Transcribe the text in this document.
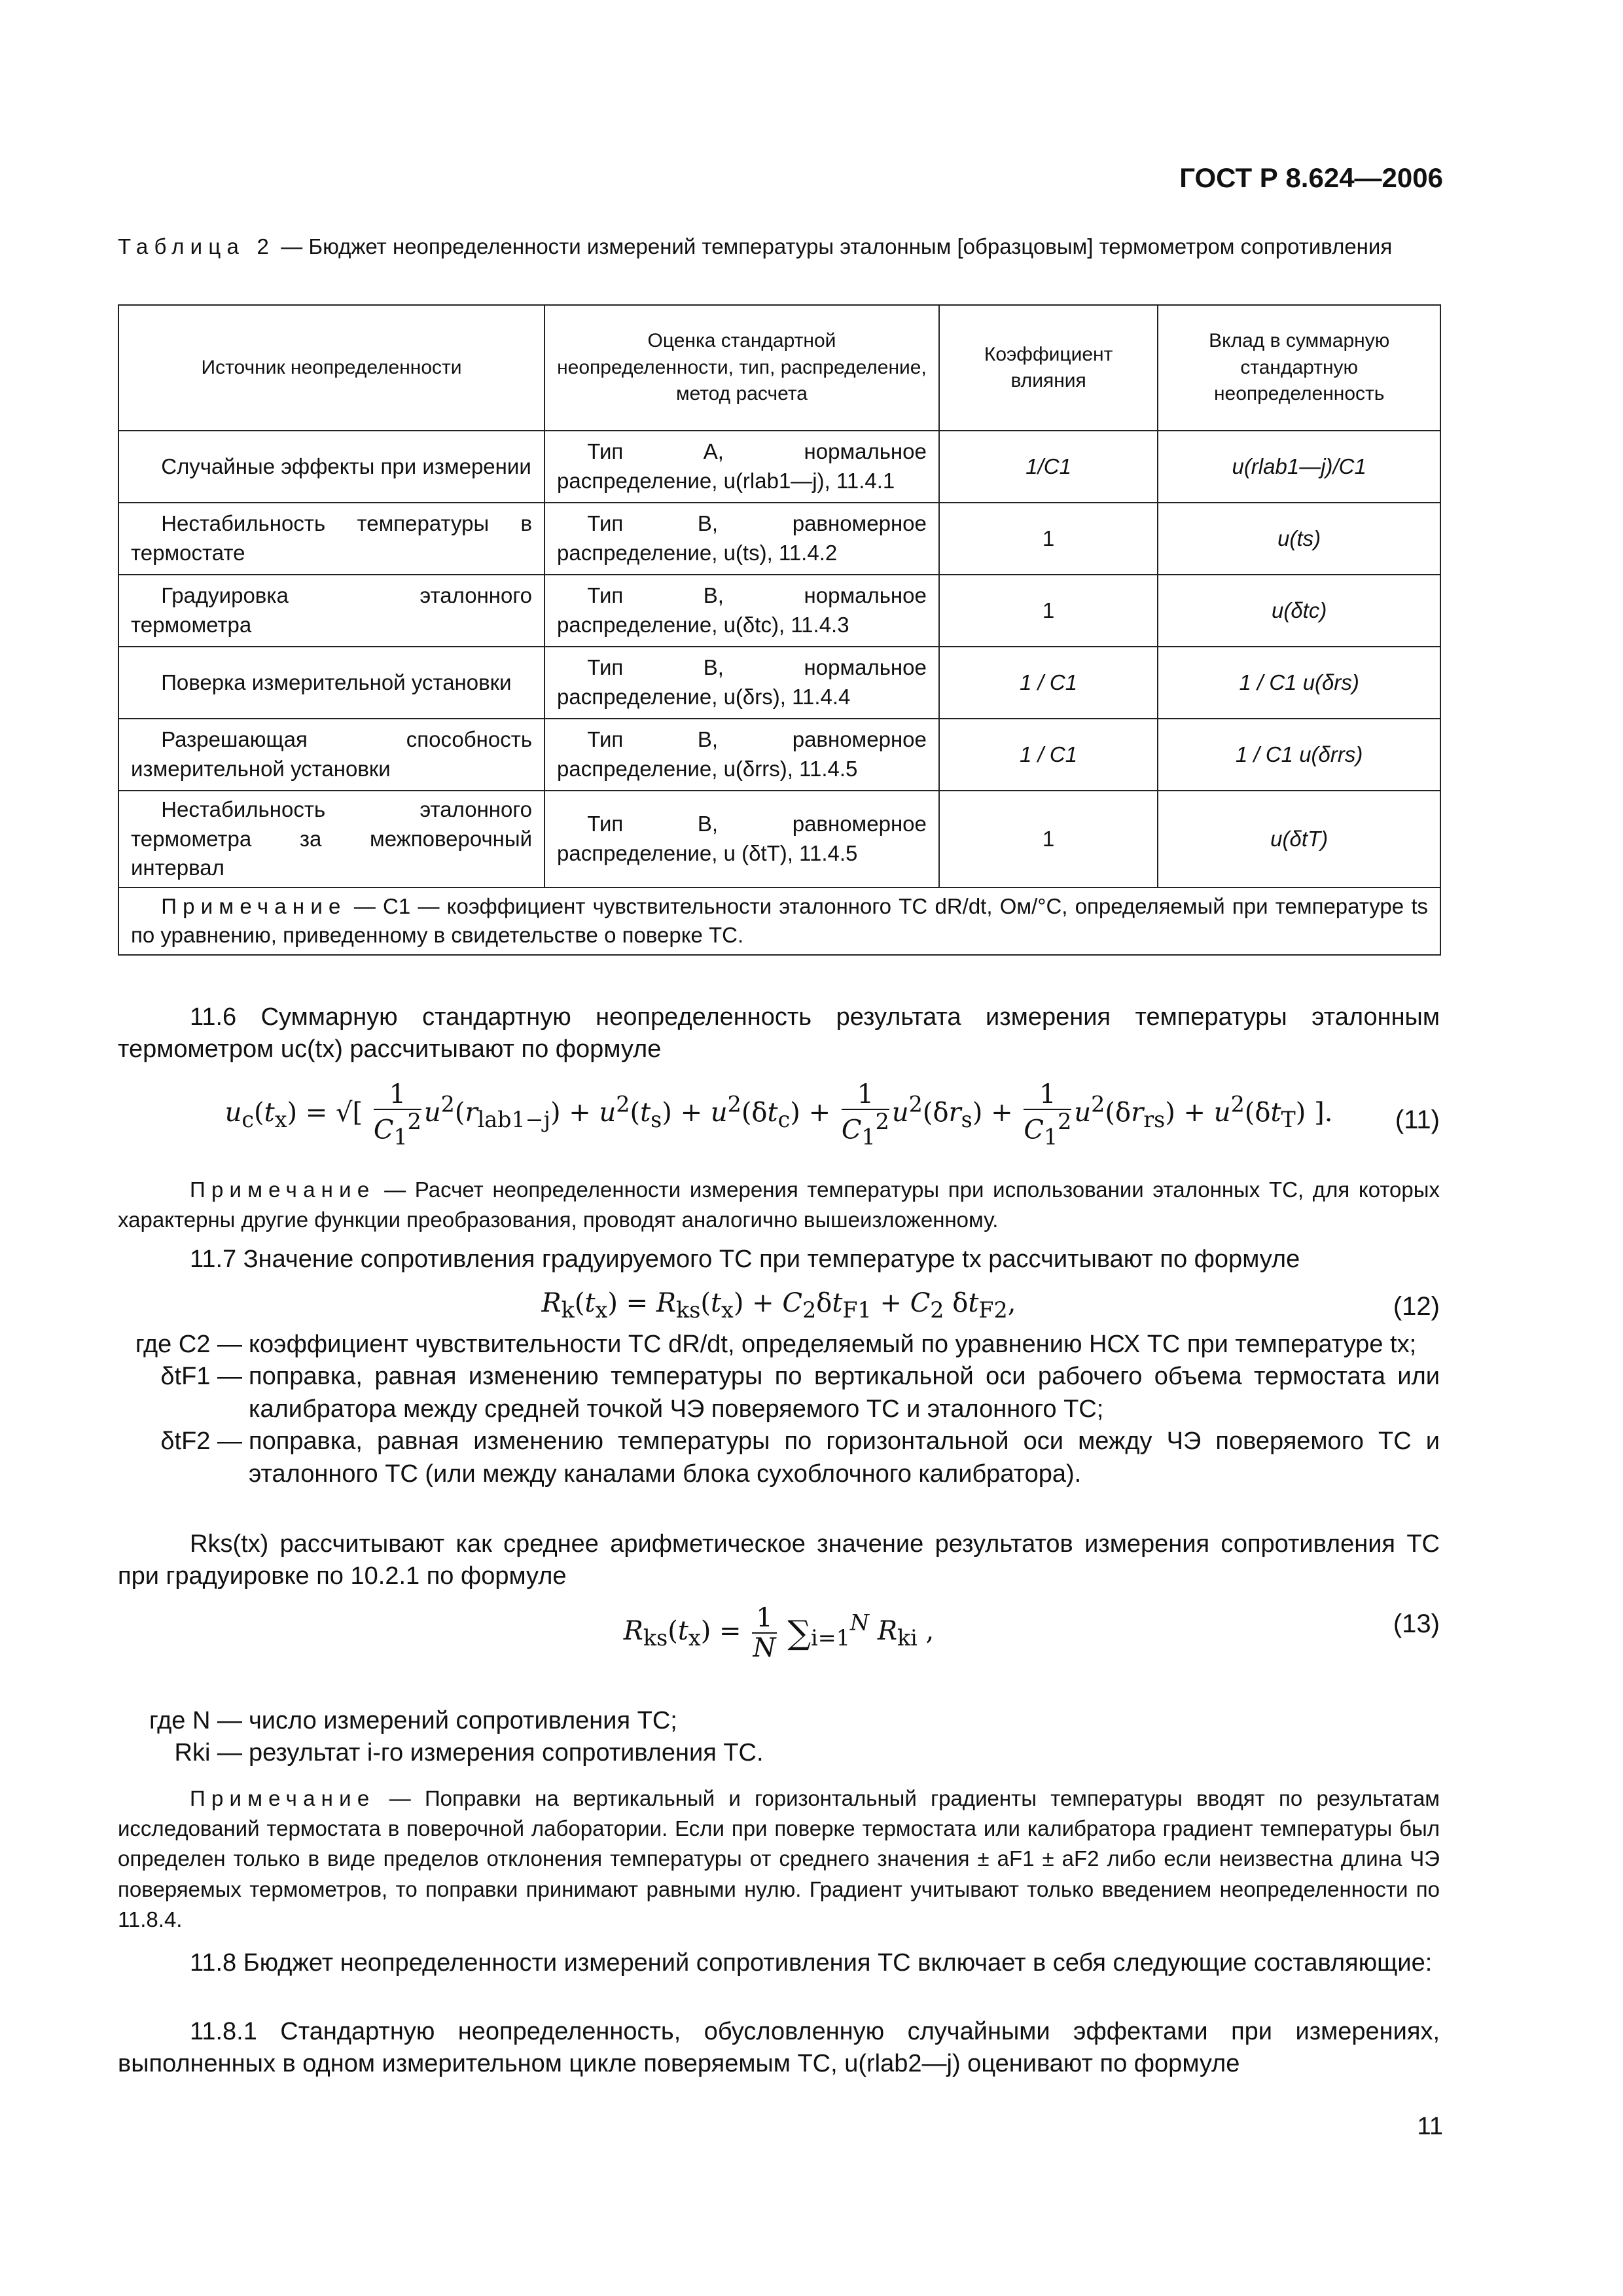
ГОСТ Р 8.624—2006
Таблица 2 — Бюджет неопределенности измерений температуры эталонным [образцовым] термометром сопротивления
Источник неопределенности	Оценка стандартной неопределенности, тип, распределение, метод расчета	Коэффициент влияния	Вклад в суммарную стандартную неопределенность
Случайные эффекты при измерении	Тип А, нормальное распределение, u(rlab1—j), 11.4.1	1/C1	u(rlab1—j)/C1
Нестабильность температуры в термостате	Тип В, равномерное распределение, u(ts), 11.4.2	1	u(ts)
Градуировка эталонного термометра	Тип В, нормальное распределение, u(δtc), 11.4.3	1	u(δtc)
Поверка измерительной установки	Тип В, нормальное распределение, u(δrs), 11.4.4	1 / C1	1 / C1 u(δrs)
Разрешающая способность измерительной установки	Тип В, равномерное распределение, u(δrrs), 11.4.5	1 / C1	1 / C1 u(δrrs)
Нестабильность эталонного термометра за межповерочный интервал	Тип В, равномерное распределение, u (δtT), 11.4.5	1	u(δtT)
Примечание — C1 — коэффициент чувствительности эталонного ТС dR/dt, Ом/°С, определяемый при температуре ts по уравнению, приведенному в свидетельстве о поверке ТС.			
11.6 Суммарную стандартную неопределенность результата измерения температуры эталонным термометром uc(tx) рассчитывают по формуле
$u_c(t_x)$ = √[ $\frac{1}{C_1^2} u^2(r_{lab1-j}) + u^2(t_s) + u^2(\delta t_c) + \frac{1}{C_1^2} u^2(\delta r_s) + \frac{1}{C_1^2} u^2(\delta r_{rs}) + u^2(\delta t_T)$ ]. (11)
Примечание — Расчет неопределенности измерения температуры при использовании эталонных ТС, для которых характерны другие функции преобразования, проводят аналогично вышеизложенному.
11.7 Значение сопротивления градуируемого ТС при температуре tx рассчитывают по формуле
$R_k(t_x) = R_{ks}(t_x) + C_2\delta t_{F1} + C_2$ $\delta t_{F2}$,	(12)
где C2 — коэффициент чувствительности ТС dR/dt, определяемый по уравнению НСХ ТС при температуре tx;
δtF1 — поправка, равная изменению температуры по вертикальной оси рабочего объема термостата или калибратора между средней точкой ЧЭ поверяемого ТС и эталонного ТС;
δtF2 — поправка, равная изменению температуры по горизонтальной оси между ЧЭ поверяемого ТС и эталонного ТС (или между каналами блока сухоблочного калибратора).
Rks(tx) рассчитывают как среднее арифметическое значение результатов измерения сопротивления ТС при градуировке по 10.2.1 по формуле
$R_{ks}(t_x) = \frac{1}{N} \sum_{i=1}^N$ $R_{ki}$ ,	(13)
где N — число измерений сопротивления ТС;
Rki — результат i-го измерения сопротивления ТС.
Примечание — Поправки на вертикальный и горизонтальный градиенты температуры вводят по результатам исследований термостата в поверочной лаборатории. Если при поверке термостата или калибратора градиент температуры был определен только в виде пределов отклонения температуры от среднего значения ± aF1 ± aF2 либо если неизвестна длина ЧЭ поверяемых термометров, то поправки принимают равными нулю. Градиент учитывают только введением неопределенности по 11.8.4.
11.8 Бюджет неопределенности измерений сопротивления ТС включает в себя следующие составляющие:
11.8.1 Стандартную неопределенность, обусловленную случайными эффектами при измерениях, выполненных в одном измерительном цикле поверяемым ТС, u(rlab2—j) оценивают по формуле
11
